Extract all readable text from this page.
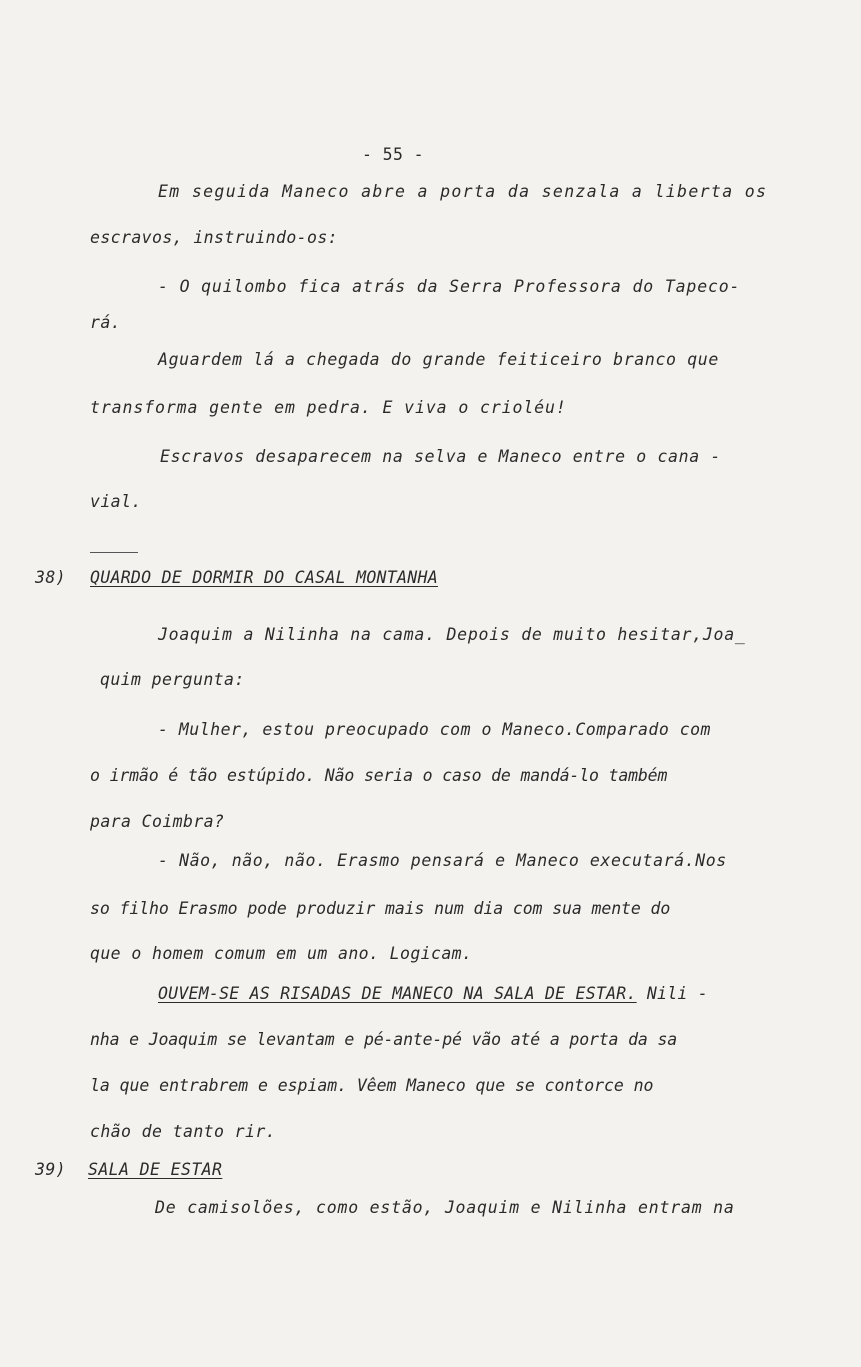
- 55 -
Em seguida Maneco abre a porta da senzala a liberta os
escravos, instruindo-os:
- O quilombo fica atrás da Serra Professora do Tapeco-
rá.
Aguardem lá a chegada do grande feiticeiro branco que
transforma gente em pedra. E viva o crioléu!
Escravos desaparecem na selva e Maneco entre o cana -
vial.
38) QUARDO DE DORMIR DO CASAL MONTANHA
Joaquim a Nilinha na cama. Depois de muito hesitar,Joa_
quim pergunta:
- Mulher, estou preocupado com o Maneco.Comparado com
o irmão é tão estúpido. Não seria o caso de mandá-lo também
para Coimbra?
- Não, não, não. Erasmo pensará e Maneco executará.Nos
so filho Erasmo pode produzir mais num dia com sua mente do
que o homem comum em um ano. Logicam.
OUVEM-SE AS RISADAS DE MANECO NA SALA DE ESTAR. Nili -
nha e Joaquim se levantam e pé-ante-pé vão até a porta da sa
la que entrabrem e espiam. Vêem Maneco que se contorce no
chão de tanto rir.
39) SALA DE ESTAR
De camisolões, como estão, Joaquim e Nilinha entram na
